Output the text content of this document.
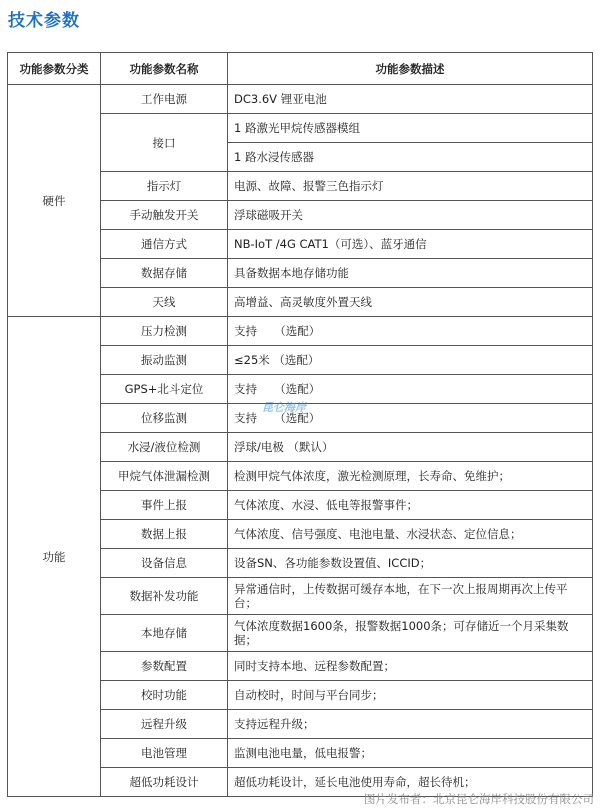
技术参数
功能参数分类	功能参数名称	功能参数描述
硬件	工作电源	DC3.6V 锂亚电池
	接口	1 路激光甲烷传感器模组
		1 路水浸传感器
	指示灯	电源、故障、报警三色指示灯
	手动触发开关	浮球磁吸开关
	通信方式	NB-IoT /4G CAT1（可选）、蓝牙通信
	数据存储	具备数据本地存储功能
	天线	高增益、高灵敏度外置天线
功能	压力检测	支持　　（选配）
	振动监测	≤25米 （选配）
	GPS+北斗定位	支持　　（选配）
	位移监测	支持　　（选配）
	水浸/液位检测	浮球/电极 （默认）
	甲烷气体泄漏检测	检测甲烷气体浓度，激光检测原理，长寿命、免维护；
	事件上报	气体浓度、水浸、低电等报警事件；
	数据上报	气体浓度、信号强度、电池电量、水浸状态、定位信息；
	设备信息	设备SN、各功能参数设置值、ICCID；
	数据补发功能	异常通信时，上传数据可缓存本地，在下一次上报周期再次上传平台；
	本地存储	气体浓度数据1600条，报警数据1000条；可存储近一个月采集数据；
	参数配置	同时支持本地、远程参数配置；
	校时功能	自动校时，时间与平台同步；
	远程升级	支持远程升级；
	电池管理	监测电池电量，低电报警；
	超低功耗设计	超低功耗设计，延长电池使用寿命，超长待机；
昆仑海岸
图片发布者：北京昆仑海岸科技股份有限公司
